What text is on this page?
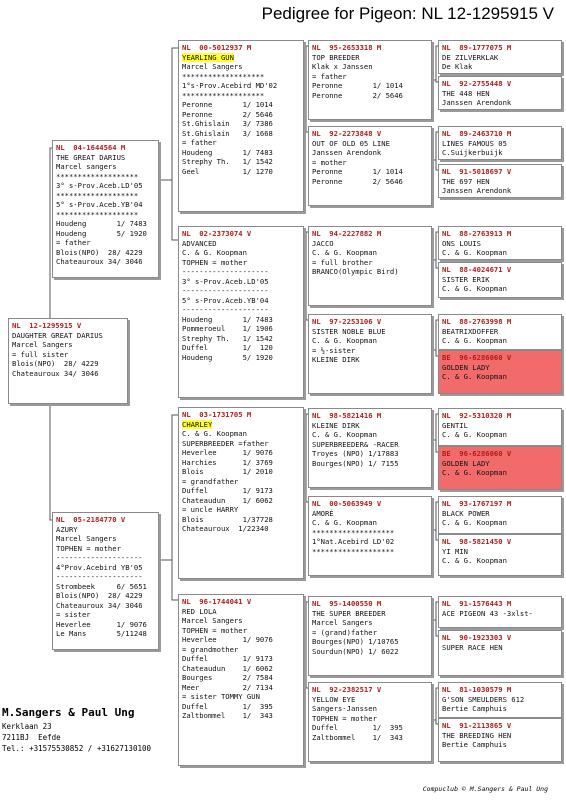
Pedigree for Pigeon: NL 12-1295915 V
NL  12-1295915 V
DAUGHTER GREAT DARIUS
Marcel Sangers
= full sister
Blois(NPO)  28/ 4229
Chateauroux 34/ 3046
NL  04-1644564 M
THE GREAT DARIUS
Marcel sangers
*******************
3° s-Prov.Aceb.LD'05
*******************
5° s-Prov.Aceb.YB'04
*******************
Houdeng       1/ 7483
Houdeng       5/ 1920
= father
Blois(NPO)  28/ 4229
Chateauroux 34/ 3046
NL  05-2184770 V
AZURY
Marcel Sangers
TOPHEN = mother
--------------------
4°Prov.Acebird YB'05
--------------------
Strombeek     6/ 5651
Blois(NPO)  28/ 4229
Chateauroux 34/ 3046
= sister
Heverlee      1/ 9076
Le Mans       5/11248
NL  00-5012937 M
YEARLING GUN
Marcel Sangers
*******************
1°s-Prov.Acebird MD'02
*******************
Peronne       1/ 1014
Peronne       2/ 5646
St.Ghislain   3/ 7386
St.Ghislain   3/ 1668
= father
Houdeng       1/ 7483
Strephy Th.   1/ 1542
Geel          1/ 1270
NL  02-2373074 V
ADVANCED
C. & G. Koopman
TOPHEN = mother
--------------------
3° s-Prov.Aceb.LD'05
--------------------
5° s-Prov.Aceb.YB'04
--------------------
Houdeng       1/ 7483
Pommeroeul    1/ 1906
Strephy Th.   1/ 1542
Duffel        1/  120
Houdeng       5/ 1920
NL  03-1731705 M
CHARLEY
C. & G. Koopman
SUPERBREEDER =father
Heverlee      1/ 9076
Harchies      1/ 3769
Blois         1/ 2010
= grandfather
Duffel        1/ 9173
Chateaudun    1/ 6062
= uncle HARRY
Blois         1/37728
Chateauroux  1/22340
NL  96-1744041 V
RED LOLA
Marcel Sangers
TOPHEN = mother
Heverlee      1/ 9076
= grandmother
Duffel        1/ 9173
Chateaudun    1/ 6062
Bourges       2/ 7584
Meer          2/ 7134
= sister TOMMY GUN
Duffel        1/  395
Zaltbommel    1/  343
NL  95-2653318 M
TOP BREEDER
Klak x Janssen
= father
Peronne       1/ 1014
Peronne       2/ 5646
NL  92-2273848 V
OUT OF OLD 05 LINE
Janssen Arendonk
= mother
Peronne       1/ 1014
Peronne       2/ 5646
NL  94-2227882 M
JACCO
C. & G. Koopman
= full brother
BRANCO(Olympic Bird)
NL  97-2253106 V
SISTER NOBLE BLUE
C. & G. Koopman
= ½-sister
KLEINE DIRK
NL  98-5821416 M
KLEINE DIRK
C. & G. Koopman
SUPERBREEDER& -RACER
Troyes (NPO) 1/17883
Bourges(NPO) 1/ 7155
NL  00-5063949 V
AMORÉ
C. & G. Koopman
*******************
1°Nat.Acebird LD'02
*******************
NL  95-1400550 M
THE SUPER BREEDER
Marcel Sangers
= (grand)father
Bourges(NPO) 1/10765
Sourdun(NPO) 1/ 6022
NL  92-2382517 V
YELLOW EYE
Sangers-Janssen
TOPHEN = mother
Duffel        1/  395
Zaltbommel    1/  343
NL  89-1777075 M
DE ZILVERKLAK
De Klak
NL  92-2755448 V
THE 448 HEN
Janssen Arendonk
NL  89-2463710 M
LINES FAMOUS 05
C.Suijkerbuijk
NL  91-5018697 V
THE 697 HEN
Janssen Arendonk
NL  88-2763913 M
ONS LOUIS
C. & G. Koopman
NL  88-4024671 V
SISTER ERIK
C. & G. Koopman
NL  88-2763998 M
BEATRIXDOFFER
C. & G. Koopman
BE  96-6286060 V
GOLDEN LADY
C. & G. Koopman
NL  92-5310320 M
GENTIL
C. & G. Koopman
BE  96-6286060 V
GOLDEN LADY
C. & G. Koopman
NL  93-1767197 M
BLACK POWER
C. & G. Koopman
NL  98-5821450 V
YI MIN
C. & G. Koopman
NL  91-1576443 M
ACE PIGEON 43 -3xlst-
NL  90-1923303 V
SUPER RACE HEN
NL  81-1030579 M
G'SON SMEULDERS 612
Bertie Camphuis
NL  91-2113865 V
THE BREEDING HEN
Bertie Camphuis
M.Sangers & Paul Ung
Kerklaan 23
7211BJ  Eefde
Tel.: +31575530852 / +31627130100
Compuclub © M.Sangers & Paul Ung
